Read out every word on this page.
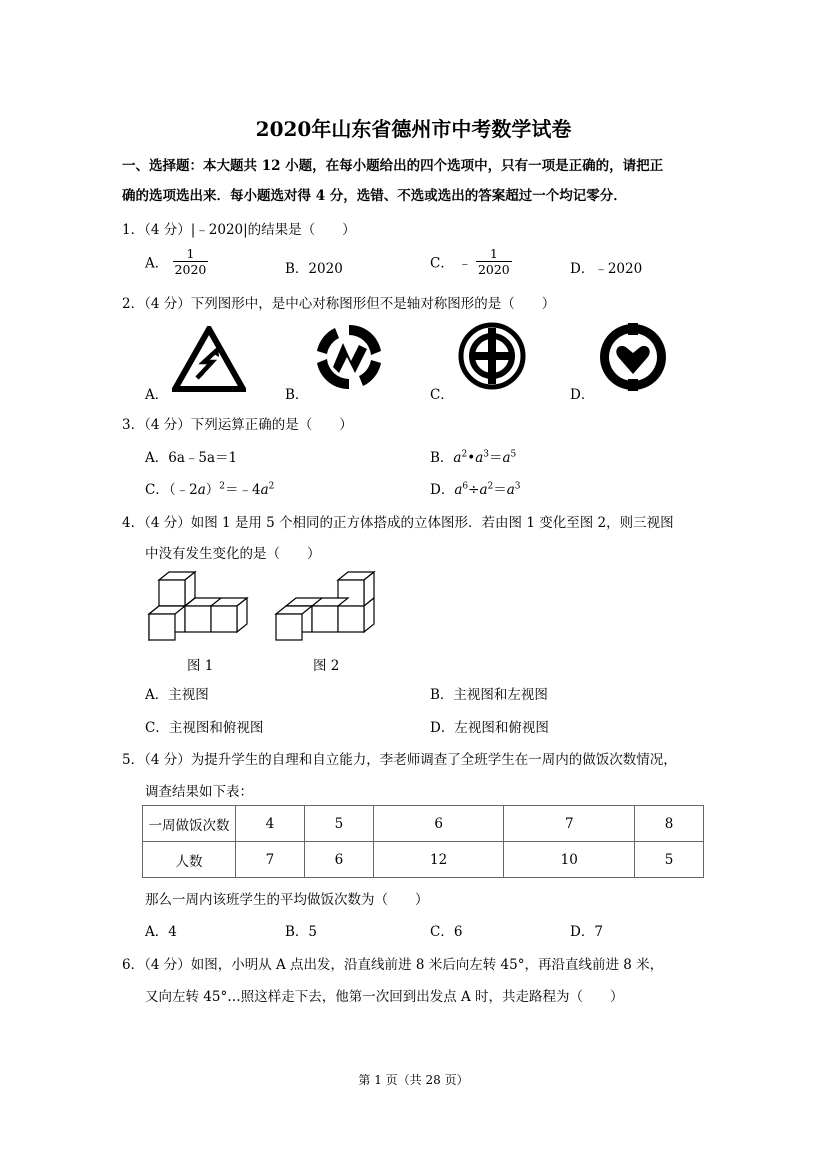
2020年山东省德州市中考数学试卷
一、选择题：本大题共 12 小题，在每小题给出的四个选项中，只有一项是正确的，请把正
确的选项选出来．每小题选对得 4 分，选错、不选或选出的答案超过一个均记零分．
1．（4 分）|﹣2020|的结果是（　　）
A． $\frac{1}{2020}$	B．2020	C． ﹣ $\frac{1}{2020}$	D．﹣2020
2．（4 分）下列图形中，是中心对称图形但不是轴对称图形的是（　　）
A．	B．	C．	D．
3．（4 分）下列运算正确的是（　　）
A．6a﹣5a＝1	B．$a^2•a^3=a^5$
C．$(﹣2a)^2=﹣4a^2$	D．$a^6\div a^2=a^3$
4．（4 分）如图 1 是用 5 个相同的正方体搭成的立体图形．若由图 1 变化至图 2，则三视图
中没有发生变化的是（　　）
图 1	图 2
A．主视图	B．主视图和左视图
C．主视图和俯视图	D．左视图和俯视图
5．（4 分）为提升学生的自理和自立能力，李老师调查了全班学生在一周内的做饭次数情况，
调查结果如下表：
一周做饭次数	4	5	6	7	8
人数	7	6	12	10	5
那么一周内该班学生的平均做饭次数为（　　）
A．4	B．5	C．6	D．7
6．（4 分）如图，小明从 A 点出发，沿直线前进 8 米后向左转 45°，再沿直线前进 8 米，
又向左转 45°…照这样走下去，他第一次回到出发点 A 时，共走路程为（　　）
第 1 页（共 28 页）
